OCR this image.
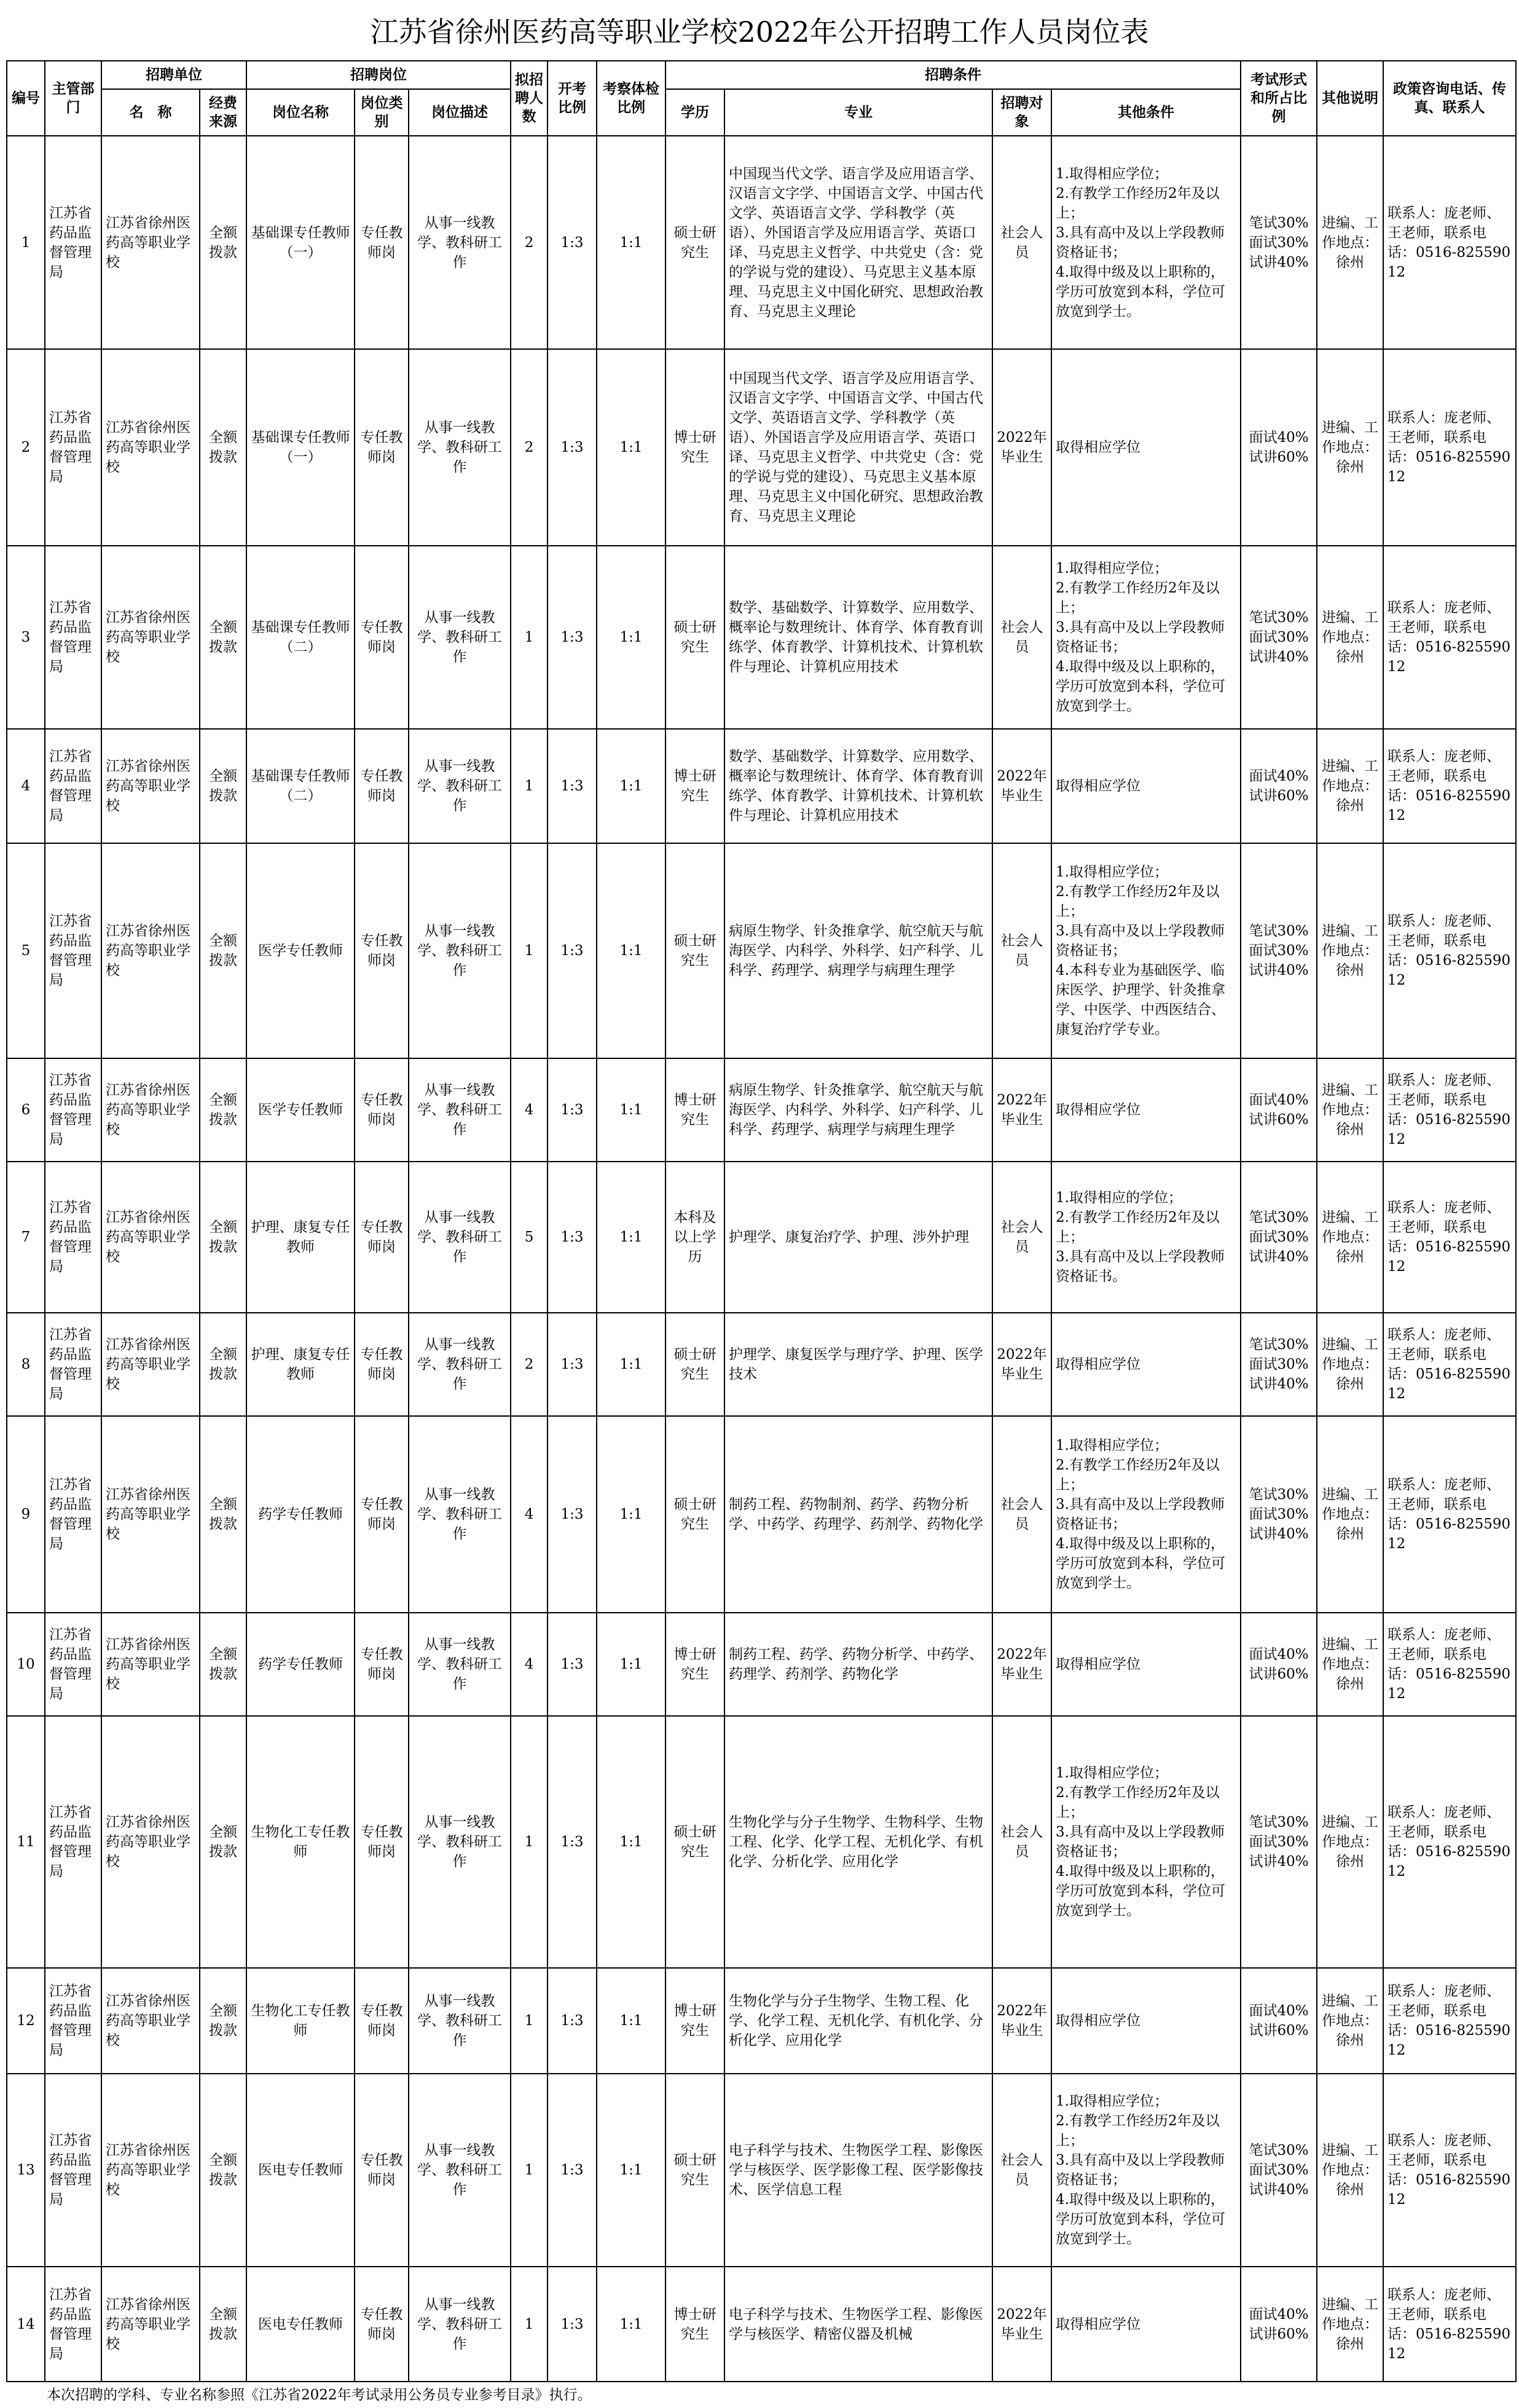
江苏省徐州医药高等职业学校2022年公开招聘工作人员岗位表
编号	主管部门	招聘单位		招聘岗位			拟招聘人数	开考比例	考察体检比例	招聘条件				考试形式和所占比例	其他说明	政策咨询电话、传真、联系人
		名　称	经费来源	岗位名称	岗位类别	岗位描述				学历	专业	招聘对象	其他条件			
1	江苏省药品监督管理局	江苏省徐州医药高等职业学校	全额拨款	基础课专任教师（一）	专任教师岗	从事一线教学、教科研工作	2	1:3	1:1	硕士研究生	中国现当代文学、语言学及应用语言学、汉语言文字学、中国语言文学、中国古代文学、英语语言文学、学科教学（英语）、外国语言学及应用语言学、英语口译、马克思主义哲学、中共党史（含：党的学说与党的建设）、马克思主义基本原理、马克思主义中国化研究、思想政治教育、马克思主义理论	社会人员	1.取得相应学位；
2.有教学工作经历2年及以上；
3.具有高中及以上学段教师资格证书；
4.取得中级及以上职称的，学历可放宽到本科，学位可放宽到学士。	笔试30%
面试30%
试讲40%	进编、工作地点：徐州	联系人：庞老师、王老师，联系电话：0516-82559012
2	江苏省药品监督管理局	江苏省徐州医药高等职业学校	全额拨款	基础课专任教师（一）	专任教师岗	从事一线教学、教科研工作	2	1:3	1:1	博士研究生	中国现当代文学、语言学及应用语言学、汉语言文字学、中国语言文学、中国古代文学、英语语言文学、学科教学（英语）、外国语言学及应用语言学、英语口译、马克思主义哲学、中共党史（含：党的学说与党的建设）、马克思主义基本原理、马克思主义中国化研究、思想政治教育、马克思主义理论	2022年毕业生	取得相应学位	面试40%
试讲60%	进编、工作地点：徐州	联系人：庞老师、王老师，联系电话：0516-82559012
3	江苏省药品监督管理局	江苏省徐州医药高等职业学校	全额拨款	基础课专任教师（二）	专任教师岗	从事一线教学、教科研工作	1	1:3	1:1	硕士研究生	数学、基础数学、计算数学、应用数学、概率论与数理统计、体育学、体育教育训练学、体育教学、计算机技术、计算机软件与理论、计算机应用技术	社会人员	1.取得相应学位；
2.有教学工作经历2年及以上；
3.具有高中及以上学段教师资格证书；
4.取得中级及以上职称的，学历可放宽到本科，学位可放宽到学士。	笔试30%
面试30%
试讲40%	进编、工作地点：徐州	联系人：庞老师、王老师，联系电话：0516-82559012
4	江苏省药品监督管理局	江苏省徐州医药高等职业学校	全额拨款	基础课专任教师（二）	专任教师岗	从事一线教学、教科研工作	1	1:3	1:1	博士研究生	数学、基础数学、计算数学、应用数学、概率论与数理统计、体育学、体育教育训练学、体育教学、计算机技术、计算机软件与理论、计算机应用技术	2022年毕业生	取得相应学位	面试40%
试讲60%	进编、工作地点：徐州	联系人：庞老师、王老师，联系电话：0516-82559012
5	江苏省药品监督管理局	江苏省徐州医药高等职业学校	全额拨款	医学专任教师	专任教师岗	从事一线教学、教科研工作	1	1:3	1:1	硕士研究生	病原生物学、针灸推拿学、航空航天与航海医学、内科学、外科学、妇产科学、儿科学、药理学、病理学与病理生理学	社会人员	1.取得相应学位；
2.有教学工作经历2年及以上；
3.具有高中及以上学段教师资格证书；
4.本科专业为基础医学、临床医学、护理学、针灸推拿学、中医学、中西医结合、康复治疗学专业。	笔试30%
面试30%
试讲40%	进编、工作地点：徐州	联系人：庞老师、王老师，联系电话：0516-82559012
6	江苏省药品监督管理局	江苏省徐州医药高等职业学校	全额拨款	医学专任教师	专任教师岗	从事一线教学、教科研工作	4	1:3	1:1	博士研究生	病原生物学、针灸推拿学、航空航天与航海医学、内科学、外科学、妇产科学、儿科学、药理学、病理学与病理生理学	2022年毕业生	取得相应学位	面试40%
试讲60%	进编、工作地点：徐州	联系人：庞老师、王老师，联系电话：0516-82559012
7	江苏省药品监督管理局	江苏省徐州医药高等职业学校	全额拨款	护理、康复专任教师	专任教师岗	从事一线教学、教科研工作	5	1:3	1:1	本科及以上学历	护理学、康复治疗学、护理、涉外护理	社会人员	1.取得相应的学位；
2.有教学工作经历2年及以上；
3.具有高中及以上学段教师资格证书。	笔试30%
面试30%
试讲40%	进编、工作地点：徐州	联系人：庞老师、王老师，联系电话：0516-82559012
8	江苏省药品监督管理局	江苏省徐州医药高等职业学校	全额拨款	护理、康复专任教师	专任教师岗	从事一线教学、教科研工作	2	1:3	1:1	硕士研究生	护理学、康复医学与理疗学、护理、医学技术	2022年毕业生	取得相应学位	笔试30%
面试30%
试讲40%	进编、工作地点：徐州	联系人：庞老师、王老师，联系电话：0516-82559012
9	江苏省药品监督管理局	江苏省徐州医药高等职业学校	全额拨款	药学专任教师	专任教师岗	从事一线教学、教科研工作	4	1:3	1:1	硕士研究生	制药工程、药物制剂、药学、药物分析学、中药学、药理学、药剂学、药物化学	社会人员	1.取得相应学位；
2.有教学工作经历2年及以上；
3.具有高中及以上学段教师资格证书；
4.取得中级及以上职称的，学历可放宽到本科，学位可放宽到学士。	笔试30%
面试30%
试讲40%	进编、工作地点：徐州	联系人：庞老师、王老师，联系电话：0516-82559012
10	江苏省药品监督管理局	江苏省徐州医药高等职业学校	全额拨款	药学专任教师	专任教师岗	从事一线教学、教科研工作	4	1:3	1:1	博士研究生	制药工程、药学、药物分析学、中药学、药理学、药剂学、药物化学	2022年毕业生	取得相应学位	面试40%
试讲60%	进编、工作地点：徐州	联系人：庞老师、王老师，联系电话：0516-82559012
11	江苏省药品监督管理局	江苏省徐州医药高等职业学校	全额拨款	生物化工专任教师	专任教师岗	从事一线教学、教科研工作	1	1:3	1:1	硕士研究生	生物化学与分子生物学、生物科学、生物工程、化学、化学工程、无机化学、有机化学、分析化学、应用化学	社会人员	1.取得相应学位；
2.有教学工作经历2年及以上；
3.具有高中及以上学段教师资格证书；
4.取得中级及以上职称的，学历可放宽到本科，学位可放宽到学士。	笔试30%
面试30%
试讲40%	进编、工作地点：徐州	联系人：庞老师、王老师，联系电话：0516-82559012
12	江苏省药品监督管理局	江苏省徐州医药高等职业学校	全额拨款	生物化工专任教师	专任教师岗	从事一线教学、教科研工作	1	1:3	1:1	博士研究生	生物化学与分子生物学、生物工程、化学、化学工程、无机化学、有机化学、分析化学、应用化学	2022年毕业生	取得相应学位	面试40%
试讲60%	进编、工作地点：徐州	联系人：庞老师、王老师，联系电话：0516-82559012
13	江苏省药品监督管理局	江苏省徐州医药高等职业学校	全额拨款	医电专任教师	专任教师岗	从事一线教学、教科研工作	1	1:3	1:1	硕士研究生	电子科学与技术、生物医学工程、影像医学与核医学、医学影像工程、医学影像技术、医学信息工程	社会人员	1.取得相应学位；
2.有教学工作经历2年及以上；
3.具有高中及以上学段教师资格证书；
4.取得中级及以上职称的，学历可放宽到本科，学位可放宽到学士。	笔试30%
面试30%
试讲40%	进编、工作地点：徐州	联系人：庞老师、王老师，联系电话：0516-82559012
14	江苏省药品监督管理局	江苏省徐州医药高等职业学校	全额拨款	医电专任教师	专任教师岗	从事一线教学、教科研工作	1	1:3	1:1	博士研究生	电子科学与技术、生物医学工程、影像医学与核医学、精密仪器及机械	2022年毕业生	取得相应学位	面试40%
试讲60%	进编、工作地点：徐州	联系人：庞老师、王老师，联系电话：0516-82559012
本次招聘的学科、专业名称参照《江苏省2022年考试录用公务员专业参考目录》执行。
